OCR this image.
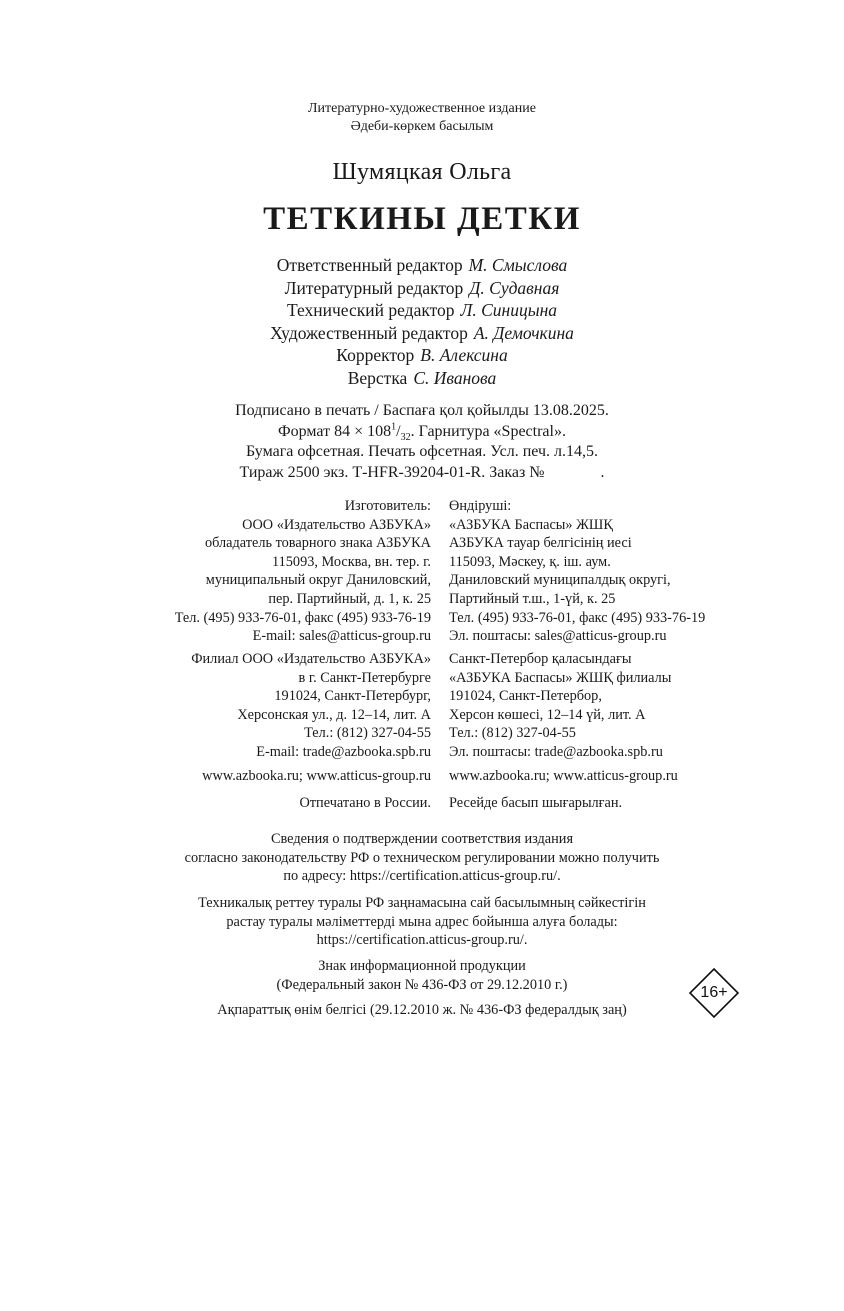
Литературно-художественное издание
Әдеби-көркем басылым
Шумяцкая Ольга
ТЕТКИНЫ ДЕТКИ
Ответственный редактор М. Смыслова
Литературный редактор Д. Судавная
Технический редактор Л. Синицына
Художественный редактор А. Демочкина
Корректор В. Алексина
Верстка С. Иванова
Подписано в печать / Баспаға қол қойылды 13.08.2025.
Формат $84 \times 108^1/_{32}$. Гарнитура «Spectral».
Бумага офсетная. Печать офсетная. Усл. печ. л.14,5.
Тираж 2500 экз. Т-HFR-39204-01-R. Заказ №	.
Изготовитель:
ООО «Издательство АЗБУКА»
обладатель товарного знака АЗБУКА
115093, Москва, вн. тер. г.
муниципальный округ Даниловский,
пер. Партийный, д. 1, к. 25
Тел. (495) 933-76-01, факс (495) 933-76-19
E-mail: sales@atticus-group.ru
Өндіруші:
«АЗБУКА Баспасы» ЖШҚ
АЗБУКА тауар белгісінің иесі
115093, Мәскеу, қ. іш. аум.
Даниловский муниципалдық округі,
Партийный т.ш., 1-үй, к. 25
Тел. (495) 933-76-01, факс (495) 933-76-19
Эл. поштасы: sales@atticus-group.ru
Филиал ООО «Издательство АЗБУКА»
в г. Санкт-Петербурге
191024, Санкт-Петербург,
Херсонская ул., д. 12–14, лит. А
Тел.: (812) 327-04-55
E-mail: trade@azbooka.spb.ru
Санкт-Петербор қаласындағы
«АЗБУКА Баспасы» ЖШҚ филиалы
191024, Санкт-Петербор,
Херсон көшесі, 12–14 үй, лит. А
Тел.: (812) 327-04-55
Эл. поштасы: trade@azbooka.spb.ru
www.azbooka.ru; www.atticus-group.ru www.azbooka.ru; www.atticus-group.ru
Отпечатано в России. Ресейде басып шығарылған.
Сведения о подтверждении соответствия издания
согласно законодательству РФ о техническом регулировании можно получить
по адресу: https://certification.atticus-group.ru/.
Техникалық реттеу туралы РФ заңнамасына сай басылымның сәйкестігін
растау туралы мәліметтерді мына адрес бойынша алуға болады:
https://certification.atticus-group.ru/.
Знак информационной продукции
(Федеральный закон № 436-ФЗ от 29.12.2010 г.)
Ақпараттық өнім белгісі (29.12.2010 ж. № 436-ФЗ федералдық заң)
16+
